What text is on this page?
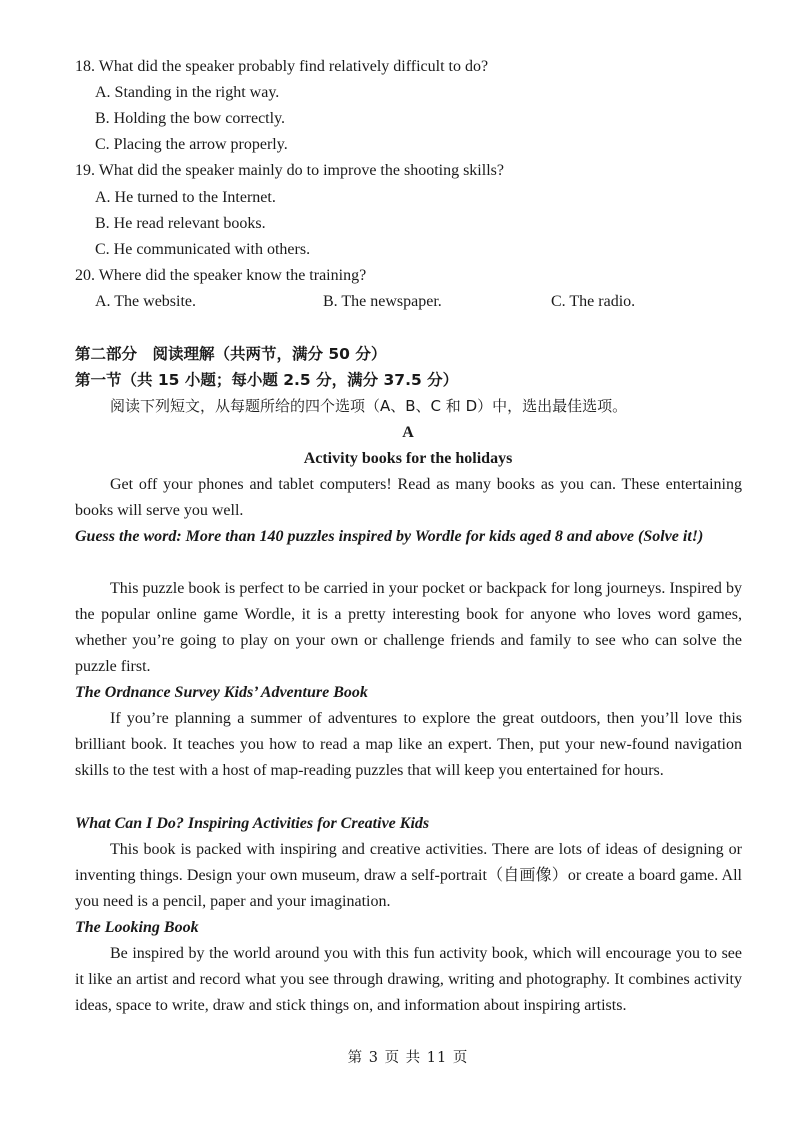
18. What did the speaker probably find relatively difficult to do?
A. Standing in the right way.
B. Holding the bow correctly.
C. Placing the arrow properly.
19. What did the speaker mainly do to improve the shooting skills?
A. He turned to the Internet.
B. He read relevant books.
C. He communicated with others.
20. Where did the speaker know the training?
A. The website.	B. The newspaper.	C. The radio.
第二部分　阅读理解（共两节，满分 50 分）
第一节（共 15 小题；每小题 2.5 分，满分 37.5 分）
阅读下列短文，从每题所给的四个选项（A、B、C 和 D）中，选出最佳选项。
A
Activity books for the holidays

Get off your phones and tablet computers! Read as many books as you can. These entertaining books will serve you well.

Guess the word: More than 140 puzzles inspired by Wordle for kids aged 8 and above (Solve it!)

This puzzle book is perfect to be carried in your pocket or backpack for long journeys. Inspired by the popular online game Wordle, it is a pretty interesting book for anyone who loves word games, whether you’re going to play on your own or challenge friends and family to see who can solve the puzzle first.

The Ordnance Survey Kids’ Adventure Book

If you’re planning a summer of adventures to explore the great outdoors, then you’ll love this brilliant book. It teaches you how to read a map like an expert. Then, put your new-found navigation skills to the test with a host of map-reading puzzles that will keep you entertained for hours.

What Can I Do? Inspiring Activities for Creative Kids

This book is packed with inspiring and creative activities. There are lots of ideas of designing or inventing things. Design your own museum, draw a self-portrait（自画像）or create a board game. All you need is a pencil, paper and your imagination.

The Looking Book

Be inspired by the world around you with this fun activity book, which will encourage you to see it like an artist and record what you see through drawing, writing and photography. It combines activity ideas, space to write, draw and stick things on, and information about inspiring artists.

第 3 页 共 11 页
